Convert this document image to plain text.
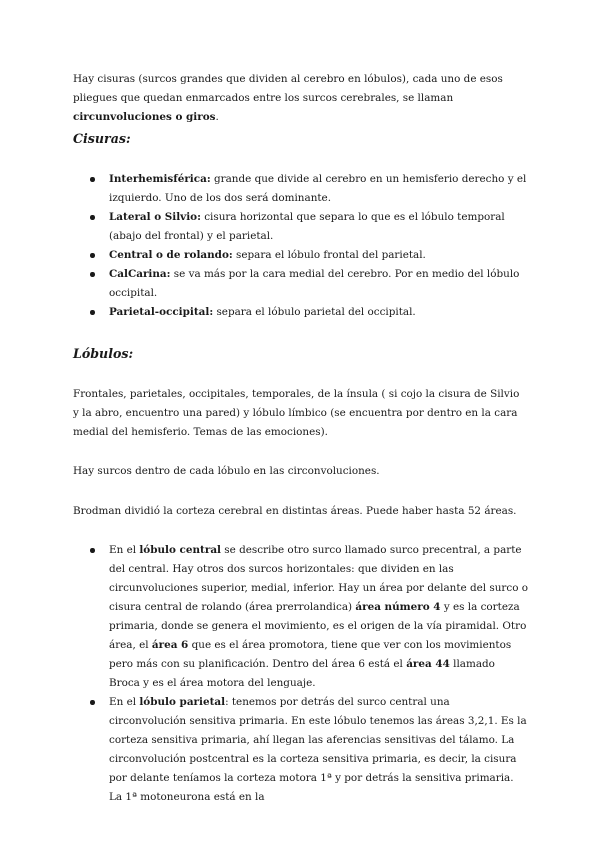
Hay cisuras (surcos grandes que dividen al cerebro en lóbulos), cada uno de esos pliegues que quedan enmarcados entre los surcos cerebrales, se llaman circunvoluciones o giros.

Cisuras:
Interhemisférica: grande que divide al cerebro en un hemisferio derecho y el izquierdo. Uno de los dos será dominante.
Lateral o Silvio: cisura horizontal que separa lo que es el lóbulo temporal (abajo del frontal) y el parietal.
Central o de rolando: separa el lóbulo frontal del parietal.
CalCarina: se va más por la cara medial del cerebro. Por en medio del lóbulo occipital.
Parietal-occipital: separa el lóbulo parietal del occipital.
Lóbulos:

Frontales, parietales, occipitales, temporales, de la ínsula ( si cojo la cisura de Silvio y la abro, encuentro una pared) y lóbulo límbico (se encuentra por dentro en la cara medial del hemisferio. Temas de las emociones).

Hay surcos dentro de cada lóbulo en las circonvoluciones.

Brodman dividió la corteza cerebral en distintas áreas. Puede haber hasta 52 áreas.

En el lóbulo central se describe otro surco llamado surco precentral, a parte del central. Hay otros dos surcos horizontales: que dividen en las circunvoluciones superior, medial, inferior. Hay un área por delante del surco o cisura central de rolando (área prerrolandica) área número 4 y es la corteza primaria, donde se genera el movimiento, es el origen de la vía piramidal. Otro área, el área 6 que es el área promotora, tiene que ver con los movimientos pero más con su planificación. Dentro del área 6 está el área 44 llamado Broca y es el área motora del lenguaje.
En el lóbulo parietal: tenemos por detrás del surco central una circonvolución sensitiva primaria. En este lóbulo tenemos las áreas 3,2,1. Es la corteza sensitiva primaria, ahí llegan las aferencias sensitivas del tálamo. La circonvolución postcentral es la corteza sensitiva primaria, es decir, la cisura por delante teníamos la corteza motora 1ª y por detrás la sensitiva primaria. La 1ª motoneurona está en la
